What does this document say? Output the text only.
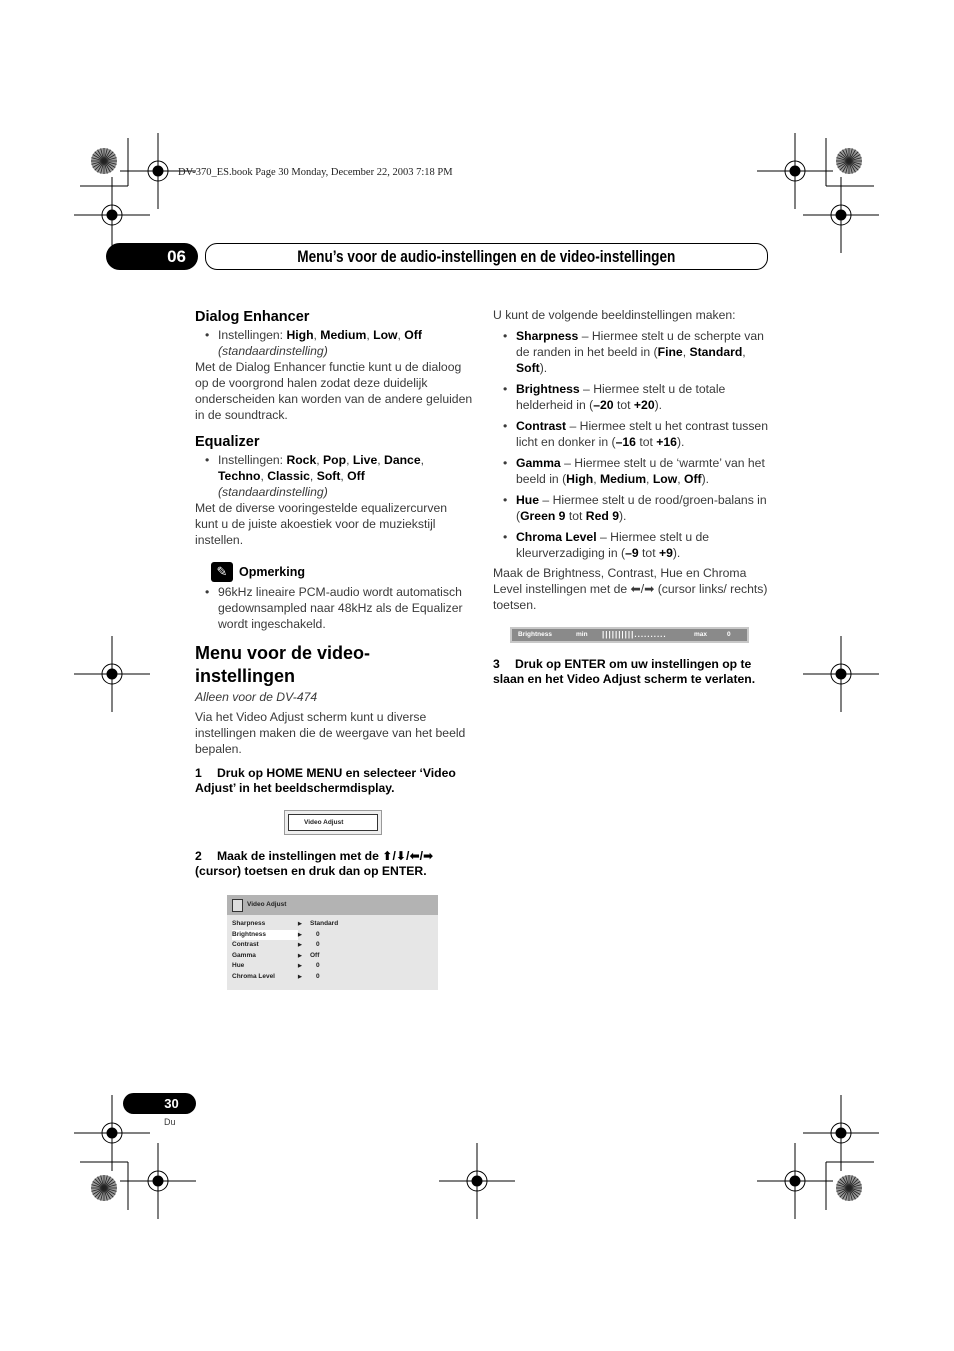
DV-370_ES.book Page 30 Monday, December 22, 2003 7:18 PM
06	Menu’s voor de audio-instellingen en de video-instellingen
Dialog Enhancer
• Instellingen: High, Medium, Low, Off (standaardinstelling)

Met de Dialog Enhancer functie kunt u de dialoog op de voorgrond halen zodat deze duidelijk onderscheiden kan worden van de andere geluiden in de soundtrack.

Equalizer
• Instellingen: Rock, Pop, Live, Dance, Techno, Classic, Soft, Off (standaardinstelling)

Met de diverse vooringestelde equalizercurven kunt u de juiste akoestiek voor de muziekstijl instellen.

✎ Opmerking
• 96kHz lineaire PCM-audio wordt automatisch gedownsampled naar 48kHz als de Equalizer wordt ingeschakeld.
Menu voor de video-instellingen

Alleen voor de DV-474

Via het Video Adjust scherm kunt u diverse instellingen maken die de weergave van het beeld bepalen.

1 Druk op HOME MENU en selecteer ‘Video Adjust’ in het beeldschermdisplay.
Video Adjust
2 Maak de instellingen met de ⬆/⬇/⬅/➡ (cursor) toetsen en druk dan op ENTER.
Video Adjust
Sharpness	▶	Standard
Brightness	▶	0
Contrast	▶	0
Gamma	▶	Off
Hue	▶	0
Chroma Level	▶	0

U kunt de volgende beeldinstellingen maken:

• Sharpness – Hiermee stelt u de scherpte van de randen in het beeld in (Fine, Standard, Soft).
• Brightness – Hiermee stelt u de totale helderheid in (–20 tot +20).
• Contrast – Hiermee stelt u het contrast tussen licht en donker in (–16 tot +16).
• Gamma – Hiermee stelt u de ‘warmte’ van het beeld in (High, Medium, Low, Off).
• Hue – Hiermee stelt u de rood/groen-balans in (Green 9 tot Red 9).
• Chroma Level – Hiermee stelt u de kleurverzadiging in (–9 tot +9).

Maak de Brightness, Contrast, Hue en Chroma Level instellingen met de ⬅/➡ (cursor links/ rechts) toetsen.

Brightness	min ||||||||||..........	max	0
3 Druk op ENTER om uw instellingen op te slaan en het Video Adjust scherm te verlaten.
30
Du
